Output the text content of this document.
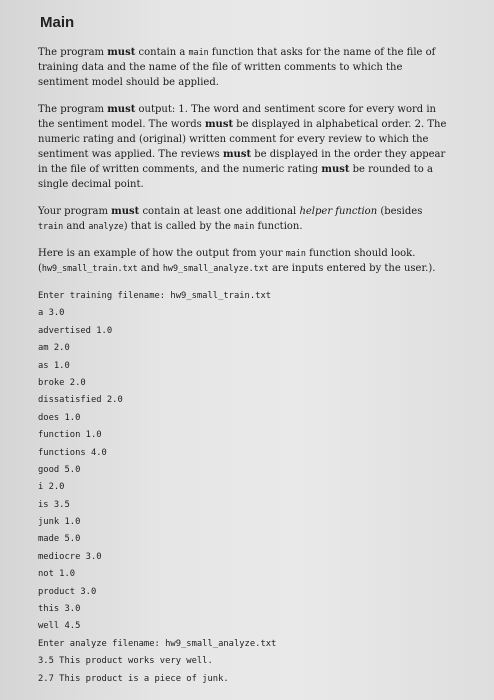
Main

The program must contain a main function that asks for the name of the file of training data and the name of the file of written comments to which the sentiment model should be applied.

The program must output: 1. The word and sentiment score for every word in the sentiment model. The words must be displayed in alphabetical order. 2. The numeric rating and (original) written comment for every review to which the sentiment was applied. The reviews must be displayed in the order they appear in the file of written comments, and the numeric rating must be rounded to a single decimal point.

Your program must contain at least one additional helper function (besides train and analyze) that is called by the main function.

Here is an example of how the output from your main function should look. (hw9_small_train.txt and hw9_small_analyze.txt are inputs entered by the user.).

Enter training filename: hw9_small_train.txt
a 3.0
advertised 1.0
am 2.0
as 1.0
broke 2.0
dissatisfied 2.0
does 1.0
function 1.0
functions 4.0
good 5.0
i 2.0
is 3.5
junk 1.0
made 5.0
mediocre 3.0
not 1.0
product 3.0
this 3.0
well 4.5
Enter analyze filename: hw9_small_analyze.txt
3.5 This product works very well.
2.7 This product is a piece of junk.
